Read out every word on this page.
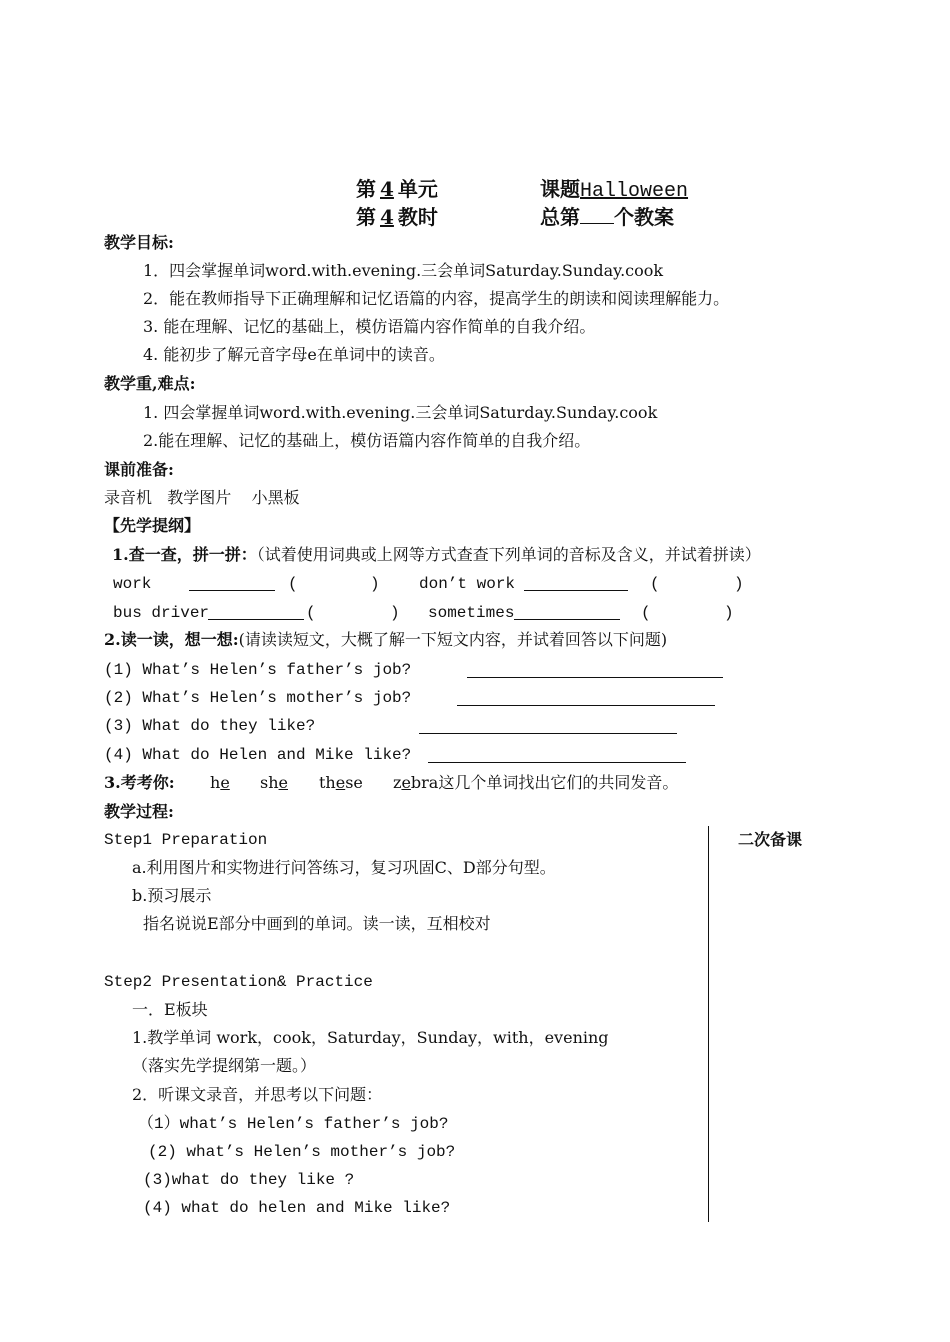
第 4 单元	课题Halloween
第 4 教时	总第 个教案
教学目标:
1．四会掌握单词word.with.evening.三会单词Saturday.Sunday.cook
2．能在教师指导下正确理解和记忆语篇的内容，提高学生的朗读和阅读理解能力。
3. 能在理解、记忆的基础上，模仿语篇内容作简单的自我介绍。
4. 能初步了解元音字母e在单词中的读音。
教学重,难点:
1. 四会掌握单词word.with.evening.三会单词Saturday.Sunday.cook
2.能在理解、记忆的基础上，模仿语篇内容作简单的自我介绍。
课前准备:
录音机   教学图片    小黑板
【先学提纲】
1.查一查，拼一拼：（试着使用词典或上网等方式查查下列单词的音标及含义，并试着拼读）
work	(	) don’t work	(	)
bus driver	(	) sometimes	(	)
2.读一读，想一想:(请读读短文，大概了解一下短文内容，并试着回答以下问题)
(1) What’s Helen’s father’s job?
(2) What’s Helen’s mother’s job?
(3) What do they like?
(4) What do Helen and Mike like?
3.考考你: he she these zebra这几个单词找出它们的共同发音。
教学过程:
二次备课
Step1 Preparation
a.利用图片和实物进行问答练习，复习巩固C、D部分句型。
b.预习展示
指名说说E部分中画到的单词。读一读，互相校对
Step2 Presentation& Practice
一．E板块
1.教学单词 work，cook，Saturday，Sunday，with，evening
（落实先学提纲第一题。）
2．听课文录音，并思考以下问题：
（1）what’s Helen’s father’s job?
(2) what’s Helen’s mother’s job?
(3)what do they like ?
(4) what do helen and Mike like?
